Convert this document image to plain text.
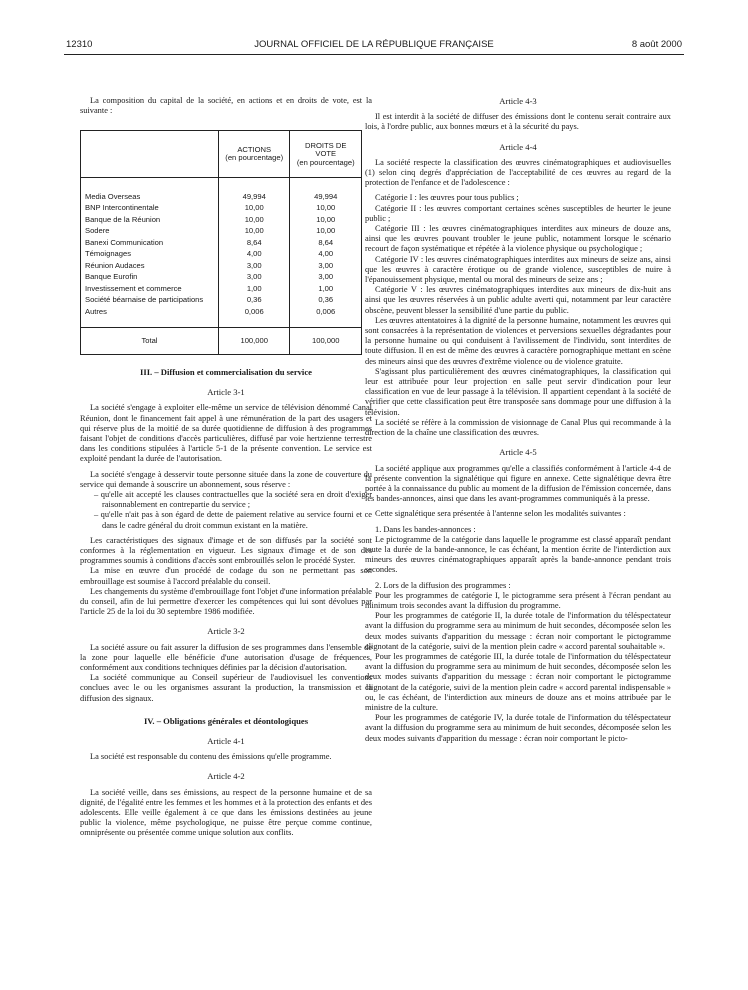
12310	JOURNAL OFFICIEL DE LA RÉPUBLIQUE FRANÇAISE	8 août 2000

La composition du capital de la société, en actions et en droits de vote, est la suivante :

	ACTIONS
(en pourcentage)	DROITS DE VOTE
(en pourcentage)
Media Overseas	49,994	49,994
BNP Intercontinentale	10,00	10,00
Banque de la Réunion	10,00	10,00
Sodere	10,00	10,00
Banexi Communication	8,64	8,64
Témoignages	4,00	4,00
Réunion Audaces	3,00	3,00
Banque Eurofin	3,00	3,00
Investissement et commerce	1,00	1,00
Société béarnaise de participations	0,36	0,36
Autres	0,006	0,006
Total	100,000	100,000
III. – Diffusion et commercialisation du service
Article 3-1

La société s'engage à exploiter elle-même un service de télévision dénommé Canal Réunion, dont le financement fait appel à une rémunération de la part des usagers et qui réserve plus de la moitié de sa durée quotidienne de diffusion à des programmes faisant l'objet de conditions d'accès particulières, diffusé par voie hertzienne terrestre dans les conditions stipulées à l'article 5-1 de la présente convention. Le service est exploité pendant la durée de l'autorisation.

La société s'engage à desservir toute personne située dans la zone de couverture du service qui demande à souscrire un abonnement, sous réserve :

– qu'elle ait accepté les clauses contractuelles que la société sera en droit d'exiger raisonnablement en contrepartie du service ;
– qu'elle n'ait pas à son égard de dette de paiement relative au service fourni et ce dans le cadre général du droit commun existant en la matière.

Les caractéristiques des signaux d'image et de son diffusés par la société sont conformes à la réglementation en vigueur. Les signaux d'image et de son des programmes soumis à conditions d'accès sont embrouillés selon le procédé Syster.

La mise en œuvre d'un procédé de codage du son ne permettant pas son embrouillage est soumise à l'accord préalable du conseil.

Les changements du système d'embrouillage font l'objet d'une information préalable du conseil, afin de lui permettre d'exercer les compétences qui lui sont dévolues par l'article 25 de la loi du 30 septembre 1986 modifiée.

Article 3-2

La société assure ou fait assurer la diffusion de ses programmes dans l'ensemble de la zone pour laquelle elle bénéficie d'une autorisation d'usage de fréquences, conformément aux conditions techniques définies par la décision d'autorisation.

La société communique au Conseil supérieur de l'audiovisuel les conventions conclues avec le ou les organismes assurant la production, la transmission et la diffusion des signaux.

IV. – Obligations générales et déontologiques
Article 4-1

La société est responsable du contenu des émissions qu'elle programme.

Article 4-2

La société veille, dans ses émissions, au respect de la personne humaine et de sa dignité, de l'égalité entre les femmes et les hommes et à la protection des enfants et des adolescents. Elle veille également à ce que dans les émissions destinées au jeune public la violence, même psychologique, ne puisse être perçue comme continue, omniprésente ou présentée comme unique solution aux conflits.

Article 4-3

Il est interdit à la société de diffuser des émissions dont le contenu serait contraire aux lois, à l'ordre public, aux bonnes mœurs et à la sécurité du pays.

Article 4-4

La société respecte la classification des œuvres cinématographiques et audiovisuelles (1) selon cinq degrés d'appréciation de l'acceptabilité de ces œuvres au regard de la protection de l'enfance et de l'adolescence :

Catégorie I : les œuvres pour tous publics ;

Catégorie II : les œuvres comportant certaines scènes susceptibles de heurter le jeune public ;

Catégorie III : les œuvres cinématographiques interdites aux mineurs de douze ans, ainsi que les œuvres pouvant troubler le jeune public, notamment lorsque le scénario recourt de façon systématique et répétée à la violence physique ou psychologique ;

Catégorie IV : les œuvres cinématographiques interdites aux mineurs de seize ans, ainsi que les œuvres à caractère érotique ou de grande violence, susceptibles de nuire à l'épanouissement physique, mental ou moral des mineurs de seize ans ;

Catégorie V : les œuvres cinématographiques interdites aux mineurs de dix-huit ans ainsi que les œuvres réservées à un public adulte averti qui, notamment par leur caractère obscène, peuvent blesser la sensibilité d'une partie du public.

Les œuvres attentatoires à la dignité de la personne humaine, notamment les œuvres qui sont consacrées à la représentation de violences et perversions sexuelles dégradantes pour la personne humaine ou qui conduisent à l'avilissement de l'individu, sont interdites de toute diffusion. Il en est de même des œuvres à caractère pornographique mettant en scène des mineurs ainsi que des œuvres d'extrême violence ou de violence gratuite.

S'agissant plus particulièrement des œuvres cinématographiques, la classification qui leur est attribuée pour leur projection en salle peut servir d'indication pour leur classification en vue de leur passage à la télévision. Il appartient cependant à la société de vérifier que cette classification peut être transposée sans dommage pour une diffusion à la télévision.

La société se réfère à la commission de visionnage de Canal Plus qui recommande à la direction de la chaîne une classification des œuvres.

Article 4-5

La société applique aux programmes qu'elle a classifiés conformément à l'article 4-4 de la présente convention la signalétique qui figure en annexe. Cette signalétique devra être portée à la connaissance du public au moment de la diffusion de l'émission concernée, dans les bandes-annonces, ainsi que dans les avant-programmes communiqués à la presse.

Cette signalétique sera présentée à l'antenne selon les modalités suivantes :

1. Dans les bandes-annonces :

Le pictogramme de la catégorie dans laquelle le programme est classé apparaît pendant toute la durée de la bande-annonce, le cas échéant, la mention écrite de l'interdiction aux mineurs des œuvres cinématographiques apparaît après la bande-annonce pendant trois secondes.

2. Lors de la diffusion des programmes :

Pour les programmes de catégorie I, le pictogramme sera présent à l'écran pendant au minimum trois secondes avant la diffusion du programme.

Pour les programmes de catégorie II, la durée totale de l'information du téléspectateur avant la diffusion du programme sera au minimum de huit secondes, décomposée selon les deux modes suivants d'apparition du message : écran noir comportant le pictogramme clignotant de la catégorie, suivi de la mention plein cadre « accord parental souhaitable ».

Pour les programmes de catégorie III, la durée totale de l'information du téléspectateur avant la diffusion du programme sera au minimum de huit secondes, décomposée selon les deux modes suivants d'apparition du message : écran noir comportant le pictogramme clignotant de la catégorie, suivi de la mention plein cadre « accord parental indispensable » ou, le cas échéant, de l'interdiction aux mineurs de douze ans et moins attribuée par le ministre de la culture.

Pour les programmes de catégorie IV, la durée totale de l'information du téléspectateur avant la diffusion du programme sera au minimum de huit secondes, décomposée selon les deux modes suivants d'apparition du message : écran noir comportant le picto-
